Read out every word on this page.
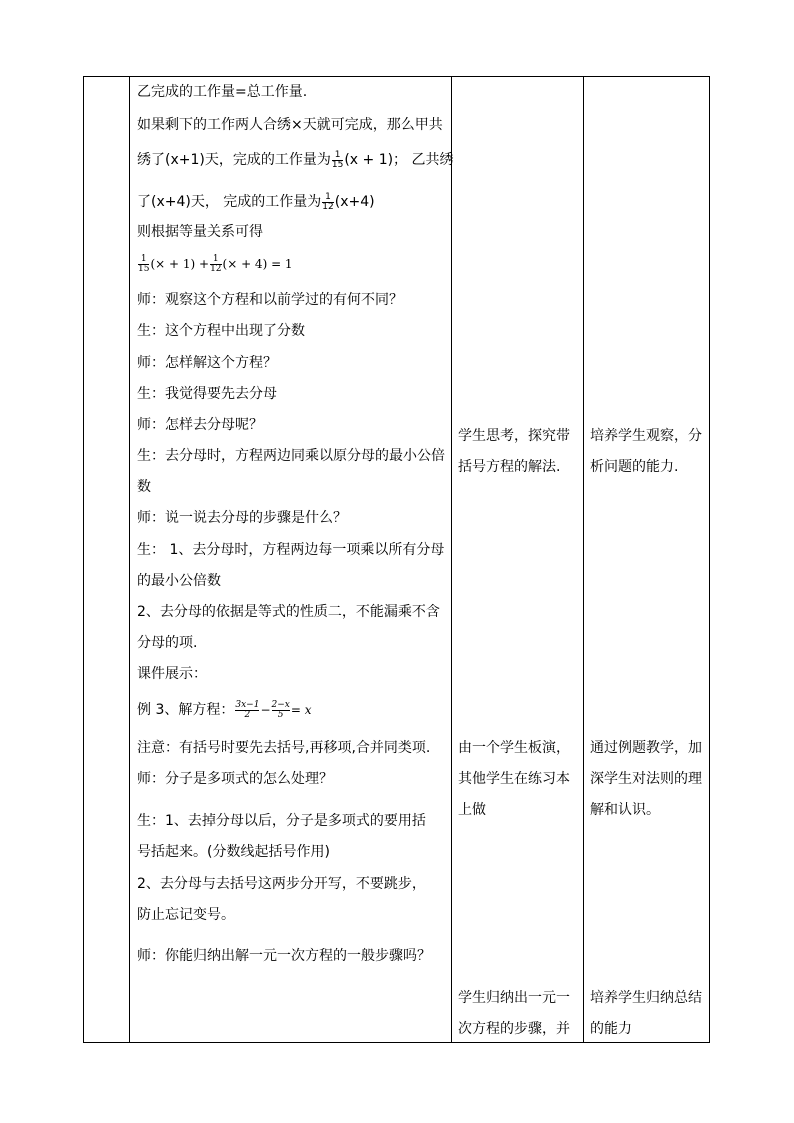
乙完成的工作量=总工作量.
如果剩下的工作两人合绣×天就可完成，那么甲共
绣了(x+1)天，完成的工作量为 $\frac{1}{15} (x + 1)$； 乙共绣
了(x+4)天， 完成的工作量为 $\frac{1}{12} (x+4)$
则根据等量关系可得
$\frac{1}{15}$ (× + $1) + \frac{1}{12}$ (× + 4) = 1
师：观察这个方程和以前学过的有何不同？
生：这个方程中出现了分数
师：怎样解这个方程？
生：我觉得要先去分母
师：怎样去分母呢？
生：去分母时，方程两边同乘以原分母的最小公倍
数
师：说一说去分母的步骤是什么？
生： 1、去分母时，方程两边每一项乘以所有分母
的最小公倍数
2、去分母的依据是等式的性质二，不能漏乘不含
分母的项.
课件展示：
例 3、解方程： $\frac{3x-1}{2} - \frac{2-x}{5} = x$
注意：有括号时要先去括号,再移项,合并同类项.
师：分子是多项式的怎么处理？
生：1、去掉分母以后，分子是多项式的要用括
号括起来。(分数线起括号作用)
2、去分母与去括号这两步分开写，不要跳步，
防止忘记变号。
师：你能归纳出解一元一次方程的一般步骤吗？
学生思考，探究带
括号方程的解法.
由一个学生板演，
其他学生在练习本
上做
学生归纳出一元一
次方程的步骤，并
培养学生观察，分
析问题的能力.
通过例题教学，加
深学生对法则的理
解和认识。
培养学生归纳总结
的能力
